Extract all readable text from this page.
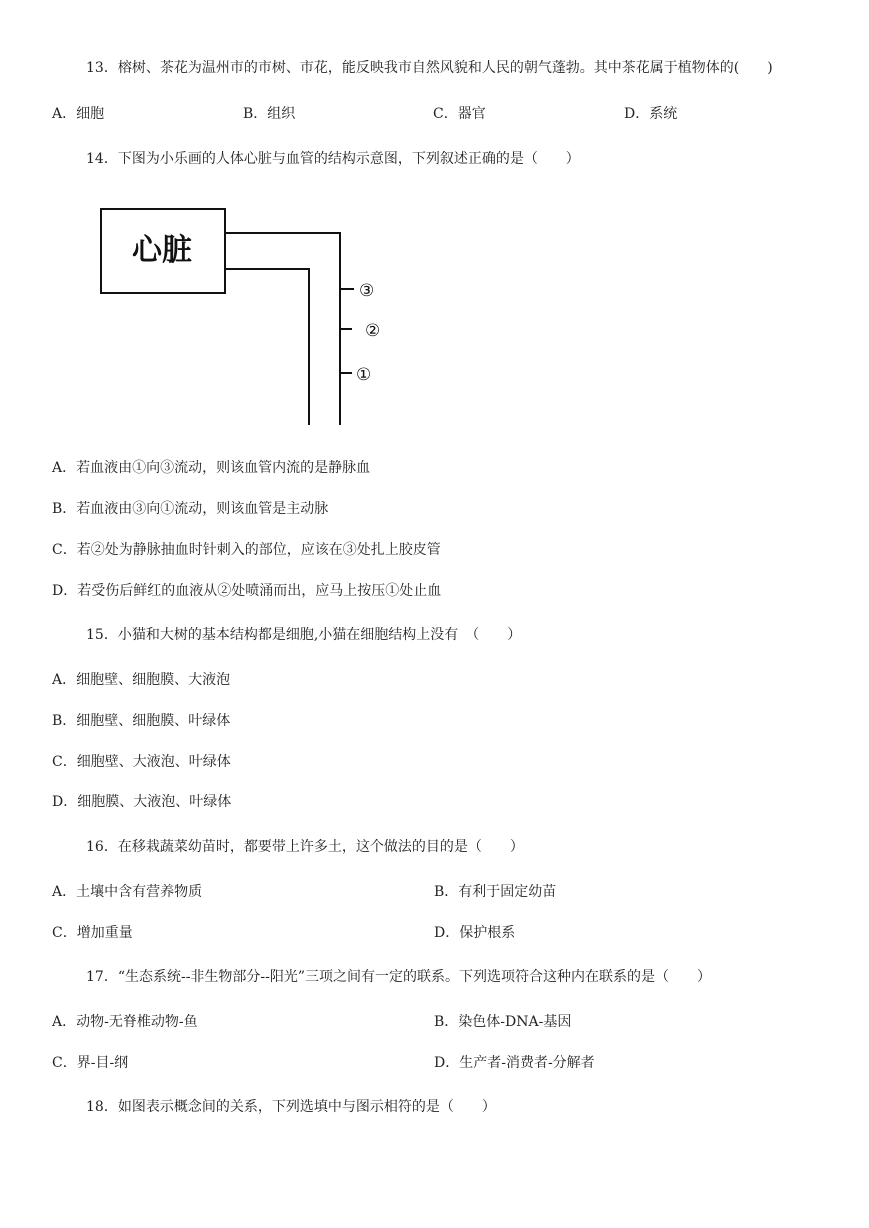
13．榕树、茶花为温州市的市树、市花，能反映我市自然风貌和人民的朝气蓬勃。其中茶花属于植物体的(　　)
A．细胞	B．组织	C．器官	D．系统
14．下图为小乐画的人体心脏与血管的结构示意图，下列叙述正确的是（　　）
心脏
③
②
①
A．若血液由①向③流动，则该血管内流的是静脉血
B．若血液由③向①流动，则该血管是主动脉
C．若②处为静脉抽血时针刺入的部位，应该在③处扎上胶皮管
D．若受伤后鲜红的血液从②处喷涌而出，应马上按压①处止血
15．小猫和大树的基本结构都是细胞,小猫在细胞结构上没有　（　　）
A．细胞壁、细胞膜、大液泡
B．细胞壁、细胞膜、叶绿体
C．细胞壁、大液泡、叶绿体
D．细胞膜、大液泡、叶绿体
16．在移栽蔬菜幼苗时，都要带上许多土，这个做法的目的是（　　）
A．土壤中含有营养物质	B．有利于固定幼苗
C．增加重量	D．保护根系
17．“生态系统--非生物部分--阳光”三项之间有一定的联系。下列选项符合这种内在联系的是（　　）
A．动物-无脊椎动物-鱼	B．染色体-DNA-基因
C．界-目-纲	D．生产者-消费者-分解者
18．如图表示概念间的关系，下列选填中与图示相符的是（　　）
